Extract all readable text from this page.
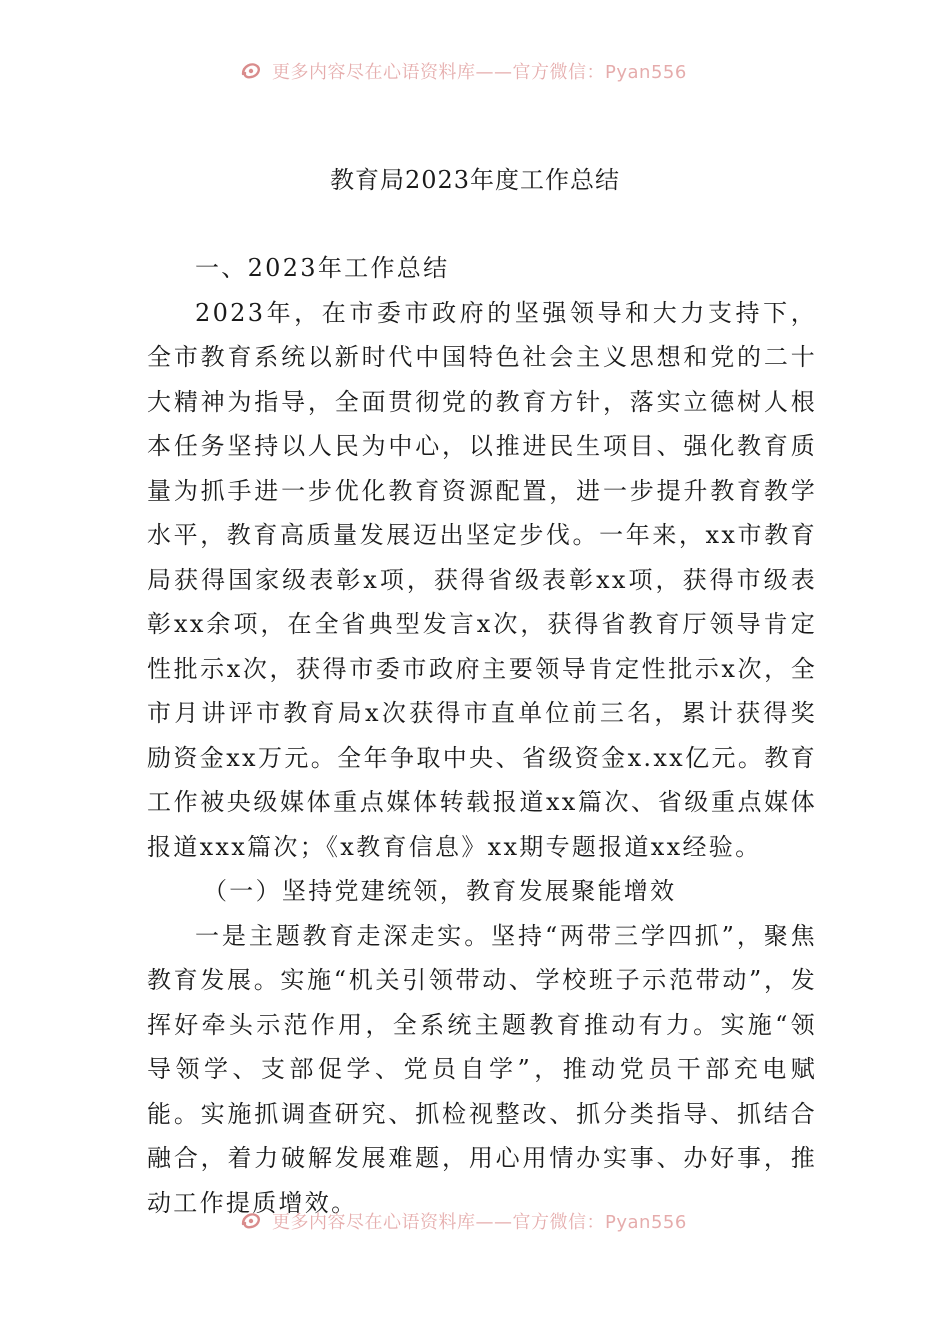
更多内容尽在心语资料库——官方微信：Pyan556
教育局2023年度工作总结

一、2023年工作总结

2023年，在市委市政府的坚强领导和大力支持下，全市教育系统以新时代中国特色社会主义思想和党的二十大精神为指导，全面贯彻党的教育方针，落实立德树人根本任务坚持以人民为中心，以推进民生项目、强化教育质量为抓手进一步优化教育资源配置，进一步提升教育教学水平，教育高质量发展迈出坚定步伐。一年来，xx市教育局获得国家级表彰x项，获得省级表彰xx项，获得市级表彰xx余项，在全省典型发言x次，获得省教育厅领导肯定性批示x次，获得市委市政府主要领导肯定性批示x次，全市月讲评市教育局x次获得市直单位前三名，累计获得奖励资金xx万元。全年争取中央、省级资金x.xx亿元。教育工作被央级媒体重点媒体转载报道xx篇次、省级重点媒体报道xxx篇次；《x教育信息》xx期专题报道xx经验。

（一）坚持党建统领，教育发展聚能增效

一是主题教育走深走实。坚持“两带三学四抓”，聚焦教育发展。实施“机关引领带动、学校班子示范带动”，发挥好牵头示范作用，全系统主题教育推动有力。实施“领导领学、支部促学、党员自学”，推动党员干部充电赋能。实施抓调查研究、抓检视整改、抓分类指导、抓结合融合，着力破解发展难题，用心用情办实事、办好事，推动工作提质增效。

更多内容尽在心语资料库——官方微信：Pyan556
